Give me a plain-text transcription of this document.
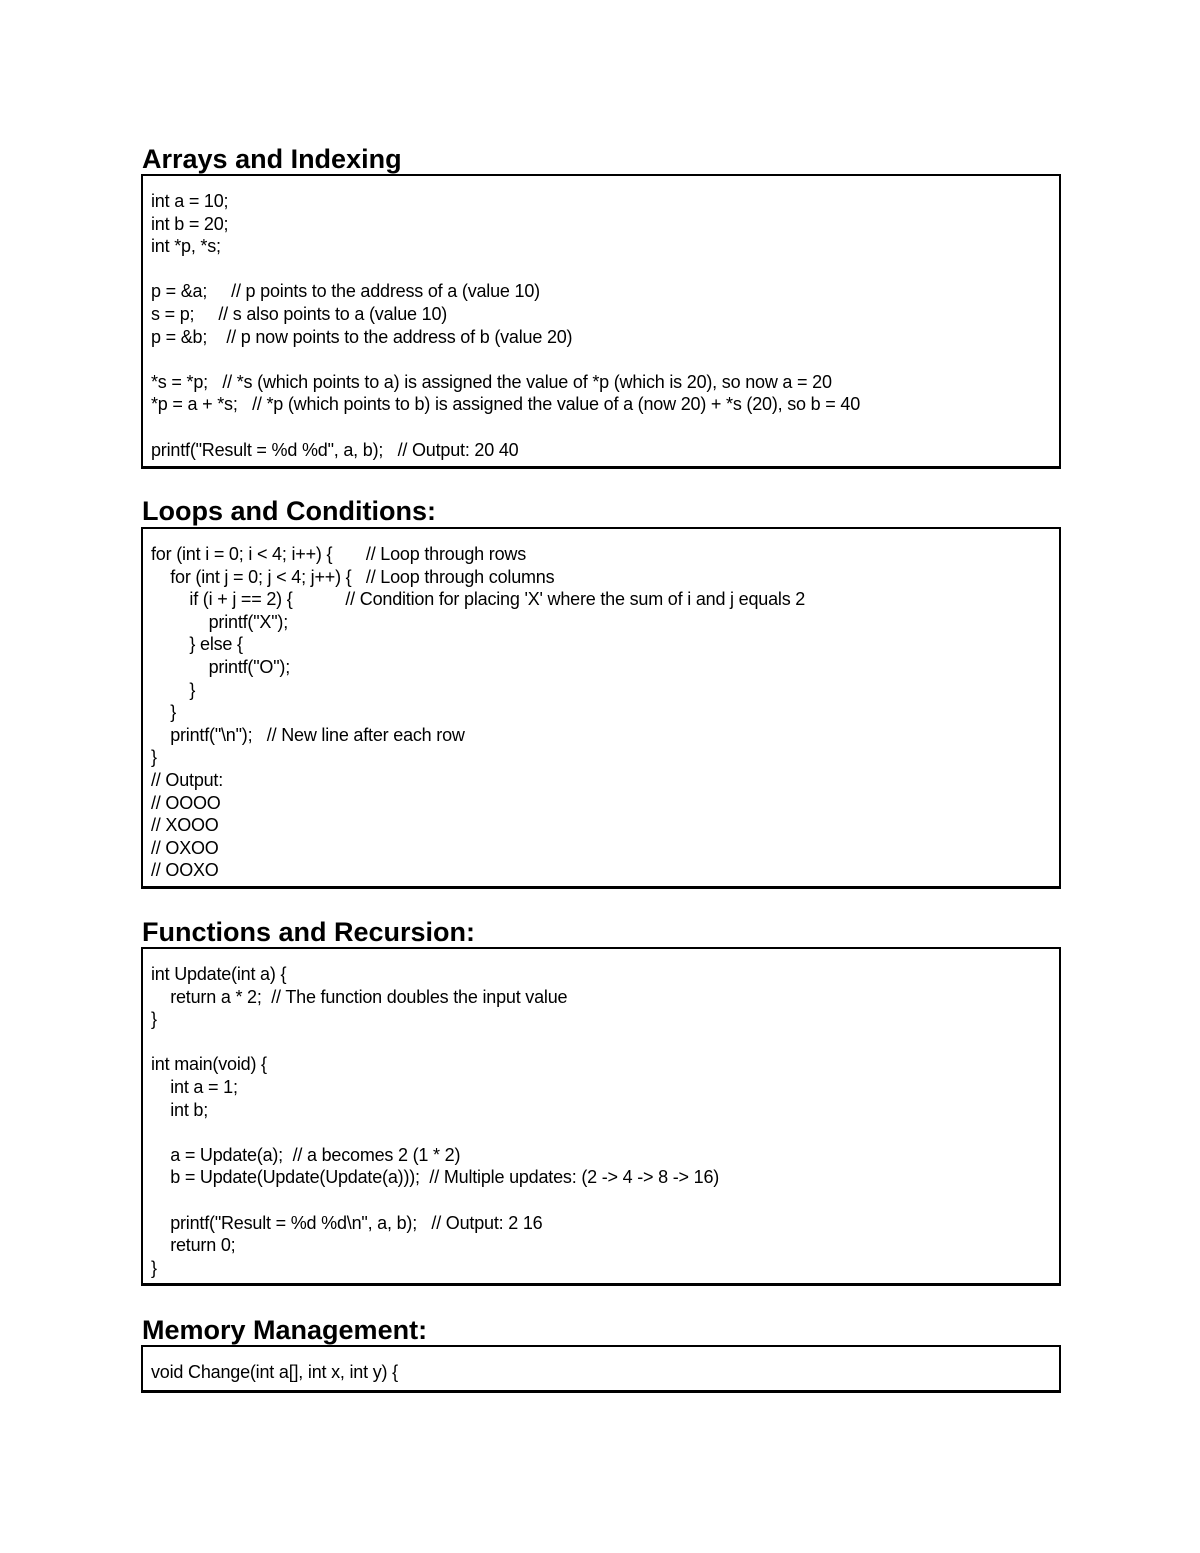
Arrays and Indexing
int a = 10;
int b = 20;
int *p, *s;
p = &a;     // p points to the address of a (value 10)
s = p;     // s also points to a (value 10)
p = &b;    // p now points to the address of b (value 20)
*s = *p;   // *s (which points to a) is assigned the value of *p (which is 20), so now a = 20
*p = a + *s;   // *p (which points to b) is assigned the value of a (now 20) + *s (20), so b = 40
printf("Result = %d %d", a, b);   // Output: 20 40
Loops and Conditions:
for (int i = 0; i < 4; i++) {       // Loop through rows
for (int j = 0; j < 4; j++) {   // Loop through columns
if (i + j == 2) {           // Condition for placing 'X' where the sum of i and j equals 2
printf("X");
} else {
printf("O");
}
}
printf("\n");   // New line after each row
}
// Output:
// OOOO
// XOOO
// OXOO
// OOXO
Functions and Recursion:
int Update(int a) {
return a * 2;  // The function doubles the input value
}
int main(void) {
int a = 1;
int b;
a = Update(a);  // a becomes 2 (1 * 2)
b = Update(Update(Update(a)));  // Multiple updates: (2 -> 4 -> 8 -> 16)
printf("Result = %d %d\n", a, b);   // Output: 2 16
return 0;
}
Memory Management:
void Change(int a[], int x, int y) {
